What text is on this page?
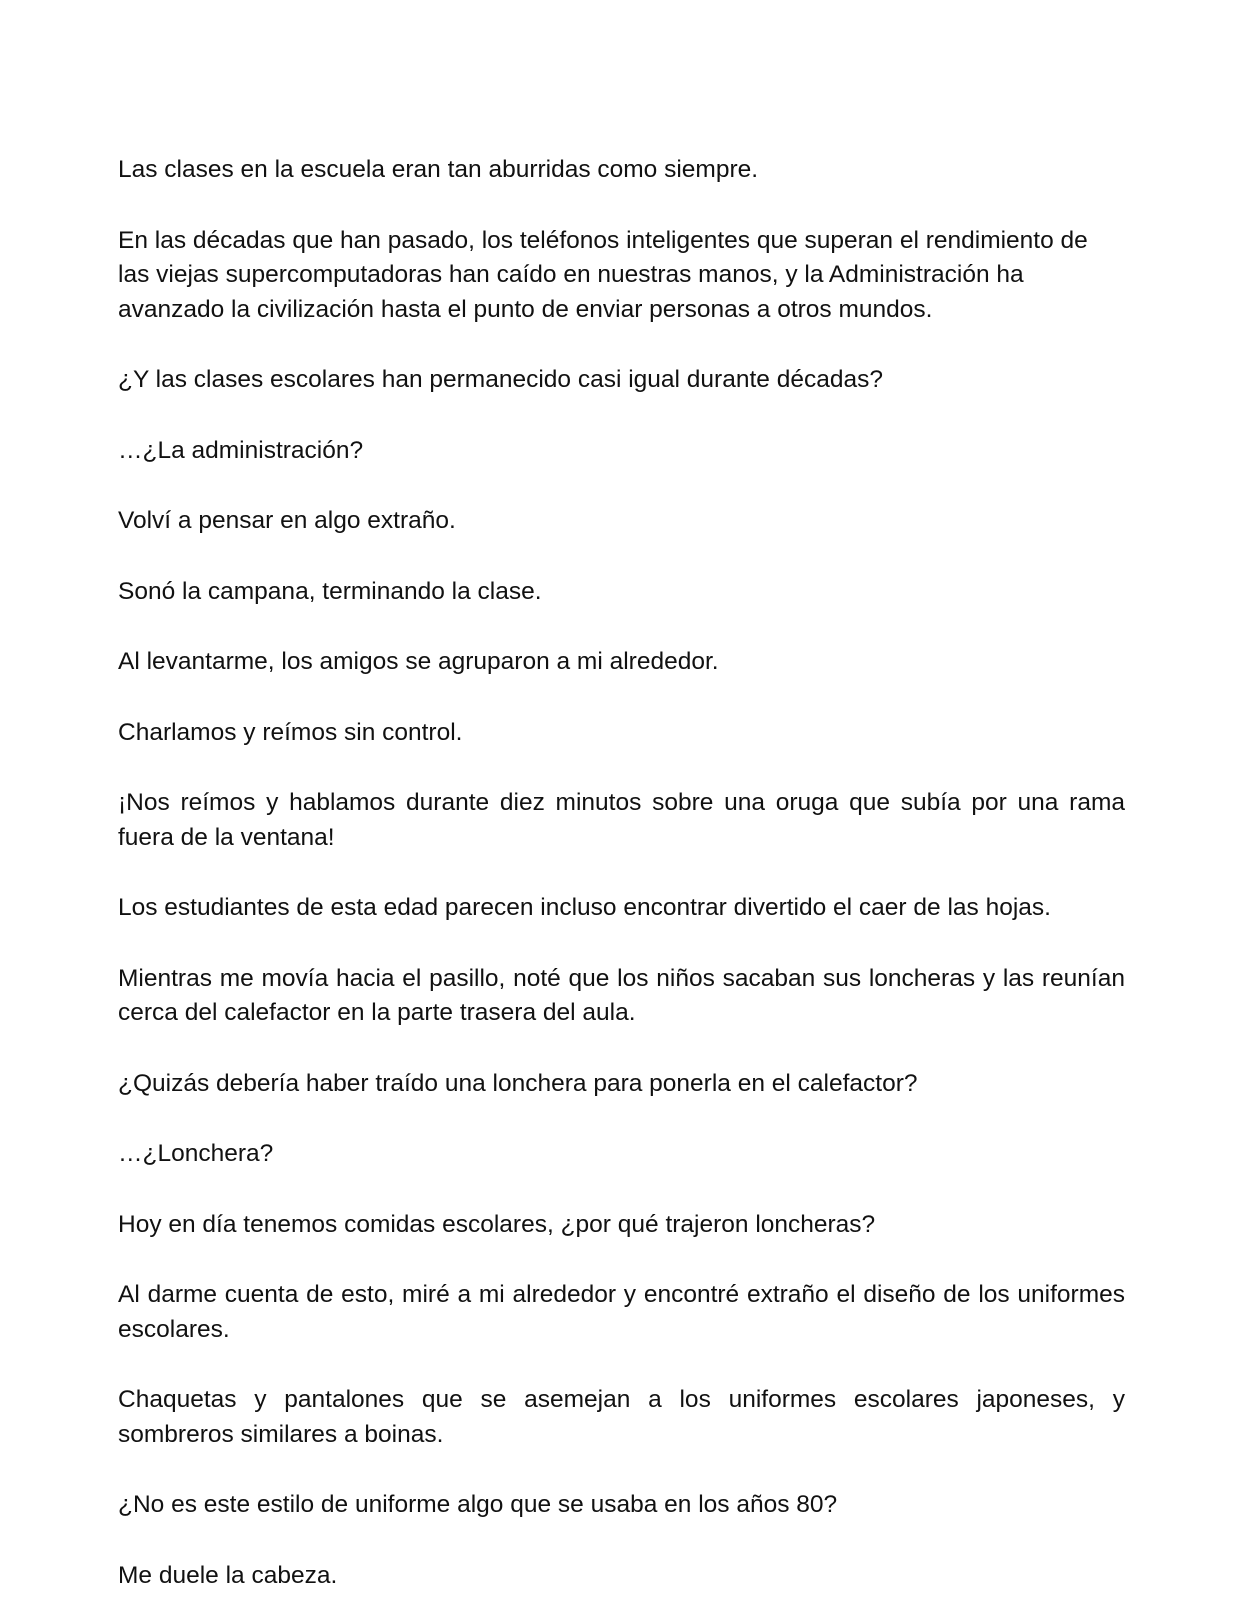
Las clases en la escuela eran tan aburridas como siempre.

En las décadas que han pasado, los teléfonos inteligentes que superan el rendimiento de las viejas supercomputadoras han caído en nuestras manos, y la Administración ha avanzado la civilización hasta el punto de enviar personas a otros mundos.

¿Y las clases escolares han permanecido casi igual durante décadas?

…¿La administración?

Volví a pensar en algo extraño.

Sonó la campana, terminando la clase.

Al levantarme, los amigos se agruparon a mi alrededor.

Charlamos y reímos sin control.

¡Nos reímos y hablamos durante diez minutos sobre una oruga que subía por una rama fuera de la ventana!

Los estudiantes de esta edad parecen incluso encontrar divertido el caer de las hojas.

Mientras me movía hacia el pasillo, noté que los niños sacaban sus loncheras y las reunían cerca del calefactor en la parte trasera del aula.

¿Quizás debería haber traído una lonchera para ponerla en el calefactor?

…¿Lonchera?

Hoy en día tenemos comidas escolares, ¿por qué trajeron loncheras?

Al darme cuenta de esto, miré a mi alrededor y encontré extraño el diseño de los uniformes escolares.

Chaquetas y pantalones que se asemejan a los uniformes escolares japoneses, y sombreros similares a boinas.

¿No es este estilo de uniforme algo que se usaba en los años 80?

Me duele la cabeza.
